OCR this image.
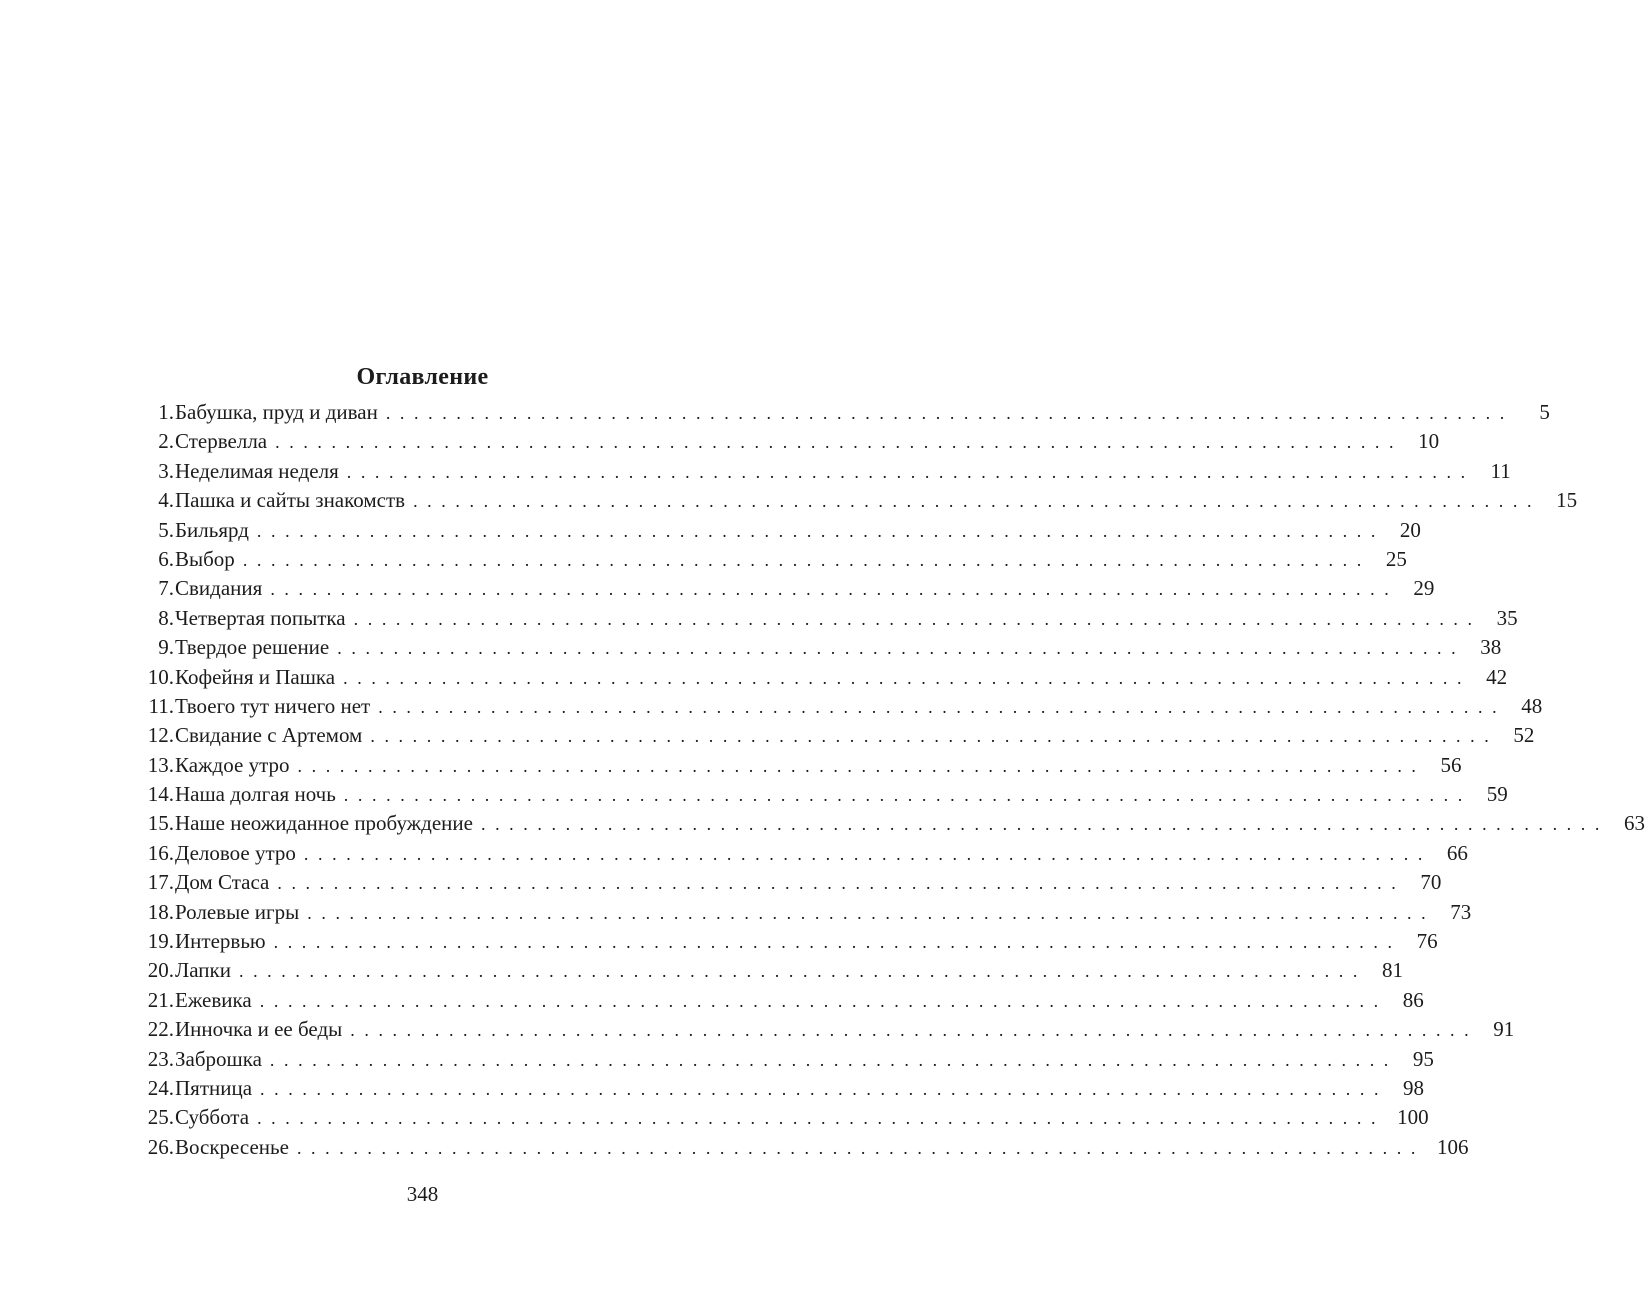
Оглавление
1. Бабушка, пруд и диван ................................................................................	5
2. Стервелла ................................................................................ 10
3. Неделимая неделя ................................................................................ 11
4. Пашка и сайты знакомств ................................................................................ 15
5. Бильярд ................................................................................ 20
6. Выбор ................................................................................ 25
7. Свидания ................................................................................ 29
8. Четвертая попытка ................................................................................ 35
9. Твердое решение ................................................................................ 38
10. Кофейня и Пашка ................................................................................ 42
11. Твоего тут ничего нет ................................................................................ 48
12. Свидание с Артемом ................................................................................ 52
13. Каждое утро ................................................................................ 56
14. Наша долгая ночь ................................................................................ 59
15. Наше неожиданное пробуждение ................................................................................ 63
16. Деловое утро ................................................................................ 66
17. Дом Стаса ................................................................................ 70
18. Ролевые игры ................................................................................ 73
19. Интервью ................................................................................ 76
20. Лапки ................................................................................ 81
21. Ежевика ................................................................................ 86
22. Инночка и ее беды ................................................................................ 91
23. Заброшка ................................................................................ 95
24. Пятница ................................................................................ 98
25. Суббота ................................................................................ 100
26. Воскресенье ................................................................................ 106
348
